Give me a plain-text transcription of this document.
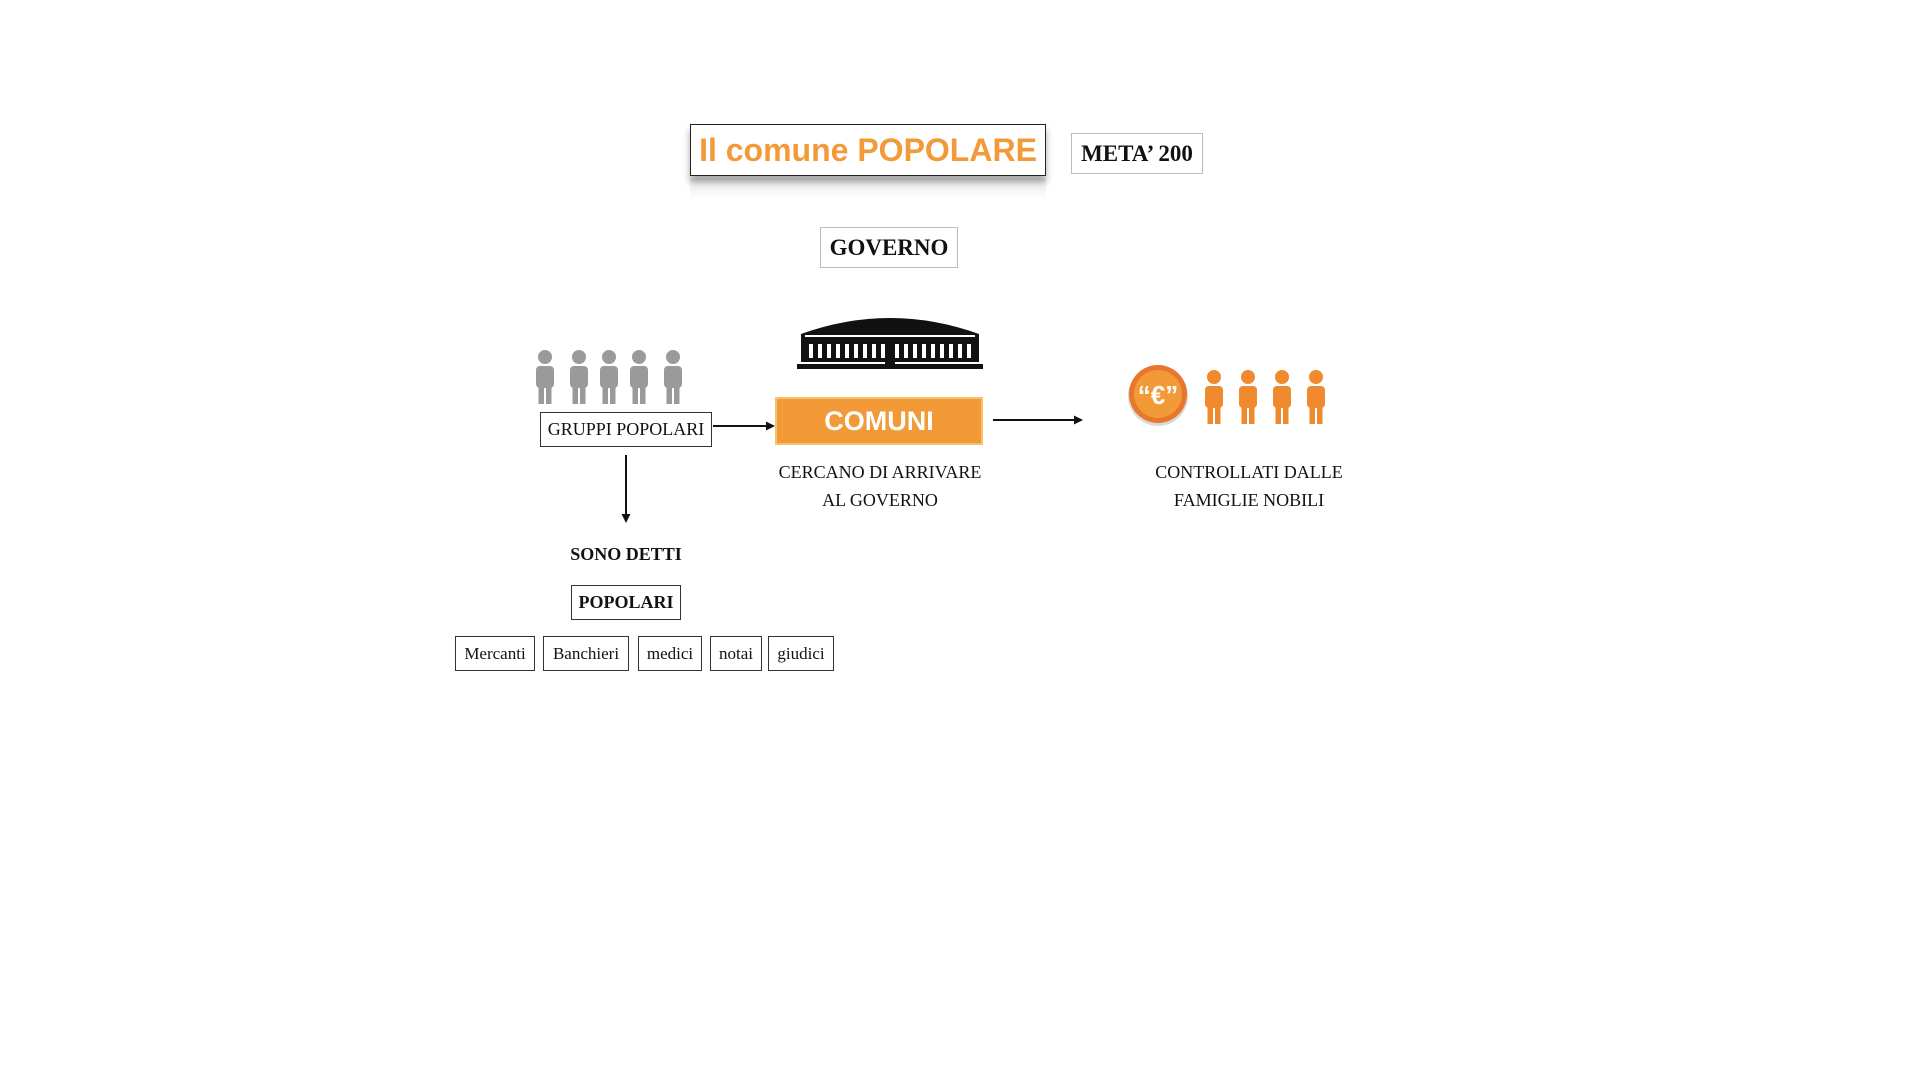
Il comune POPOLARE	META’ 200
GOVERNO
GRUPPI POPOLARI	COMUNI
CERCANO DI ARRIVARE
AL GOVERNO
“€”
CONTROLLATI DALLE
FAMIGLIE NOBILI
SONO DETTI
POPOLARI
Mercanti	Banchieri	medici	notai	giudici
